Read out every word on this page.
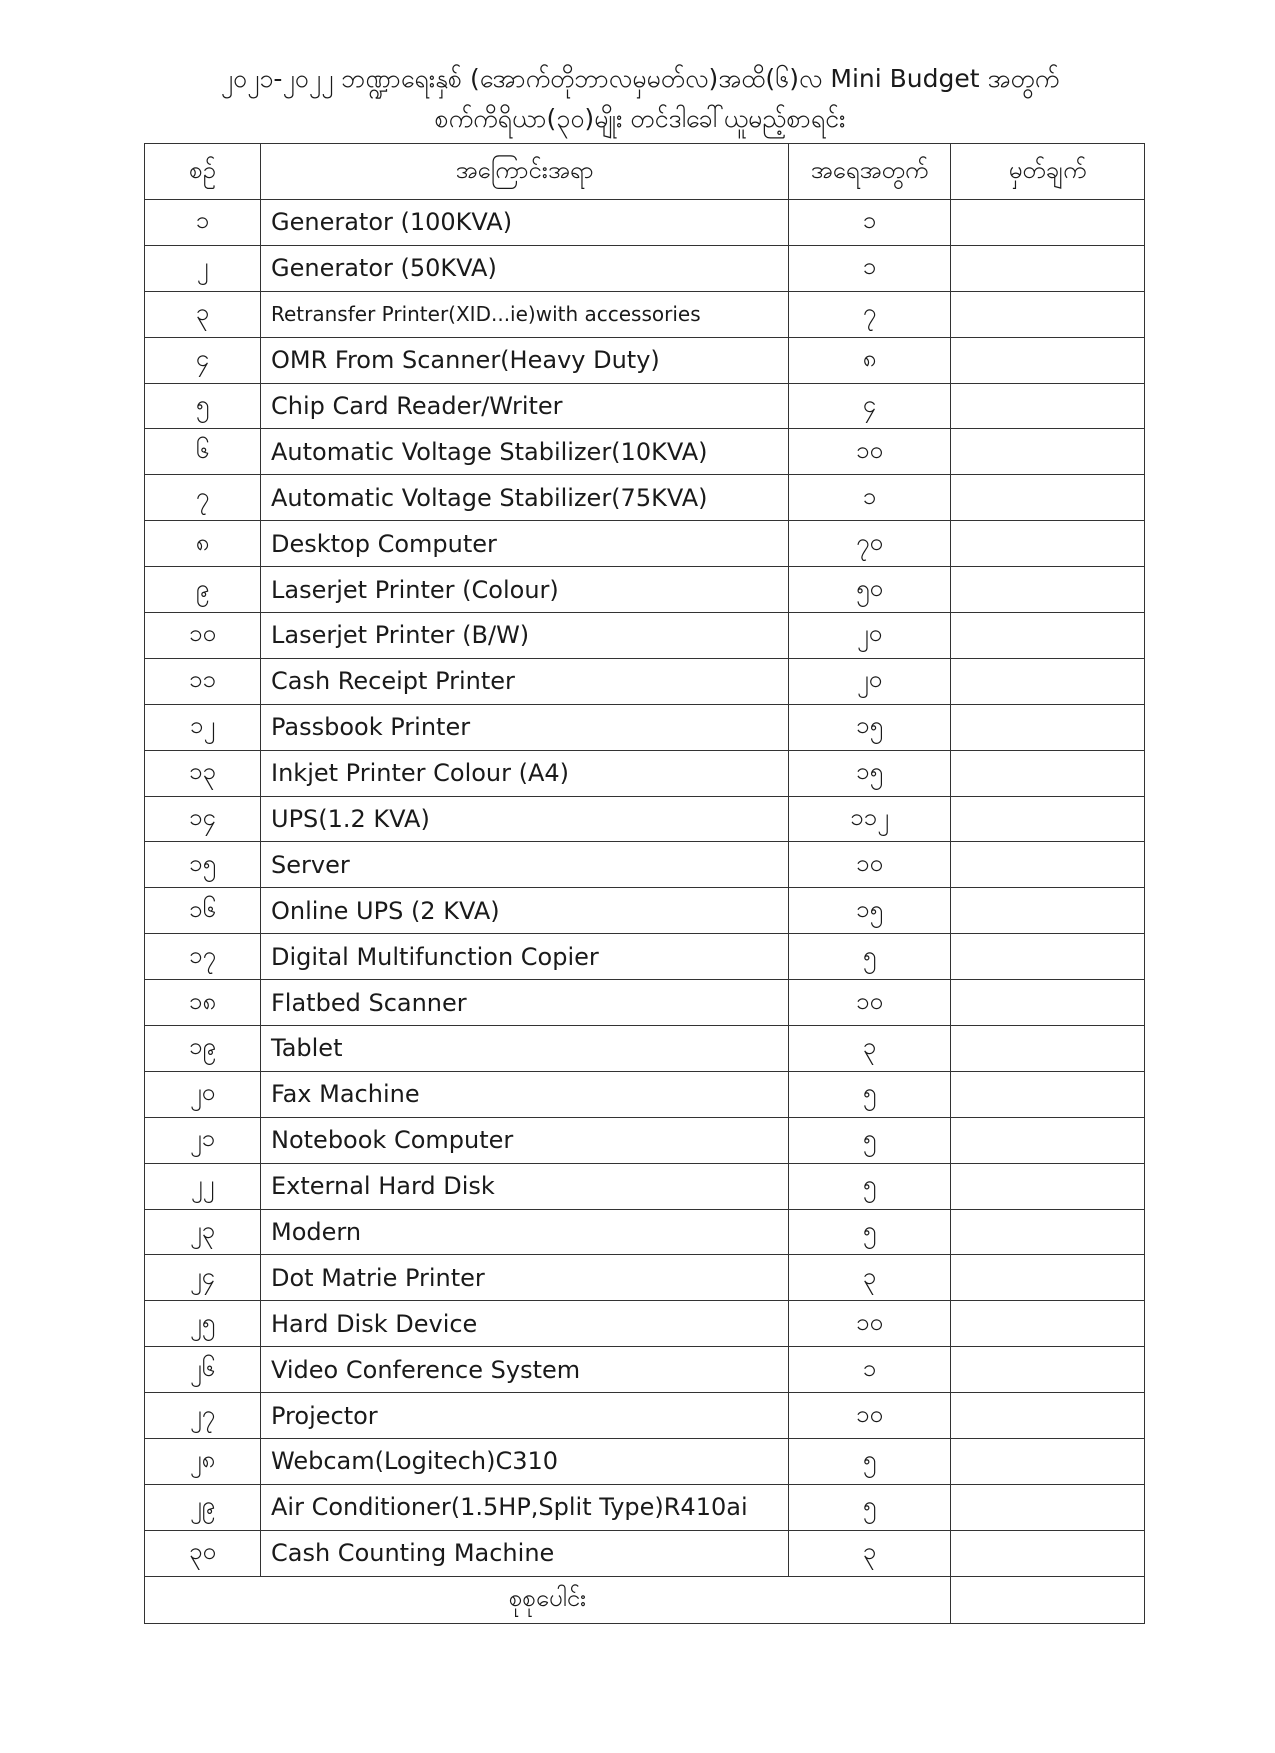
၂၀၂၁-၂၀၂၂ ဘဏ္ဍာရေးနှစ် (အောက်တိုဘာလမှမတ်လ)အထိ(၆)လ Mini Budget အတွက်
စက်ကိရိယာ(၃၀)မျိုး တင်ဒါခေါ်ယူမည့်စာရင်း
စဉ်	အကြောင်းအရာ	အရေအတွက်	မှတ်ချက်
၁	Generator (100KVA)	၁	
၂	Generator (50KVA)	၁	
၃	Retransfer Printer(XID...ie)with accessories	၇	
၄	OMR From Scanner(Heavy Duty)	၈	
၅	Chip Card Reader/Writer	၄	
၆	Automatic Voltage Stabilizer(10KVA)	၁၀	
၇	Automatic Voltage Stabilizer(75KVA)	၁	
၈	Desktop Computer	၇၀	
၉	Laserjet Printer (Colour)	၅၀	
၁၀	Laserjet Printer (B/W)	၂၀	
၁၁	Cash Receipt Printer	၂၀	
၁၂	Passbook Printer	၁၅	
၁၃	Inkjet Printer Colour (A4)	၁၅	
၁၄	UPS(1.2 KVA)	၁၁၂	
၁၅	Server	၁၀	
၁၆	Online UPS (2 KVA)	၁၅	
၁၇	Digital Multifunction Copier	၅	
၁၈	Flatbed Scanner	၁၀	
၁၉	Tablet	၃	
၂၀	Fax Machine	၅	
၂၁	Notebook Computer	၅	
၂၂	External Hard Disk	၅	
၂၃	Modern	၅	
၂၄	Dot Matrie Printer	၃	
၂၅	Hard Disk Device	၁၀	
၂၆	Video Conference System	၁	
၂၇	Projector	၁၀	
၂၈	Webcam(Logitech)C310	၅	
၂၉	Air Conditioner(1.5HP,Split Type)R410ai	၅	
၃၀	Cash Counting Machine	၃	
စုစုပေါင်း			
